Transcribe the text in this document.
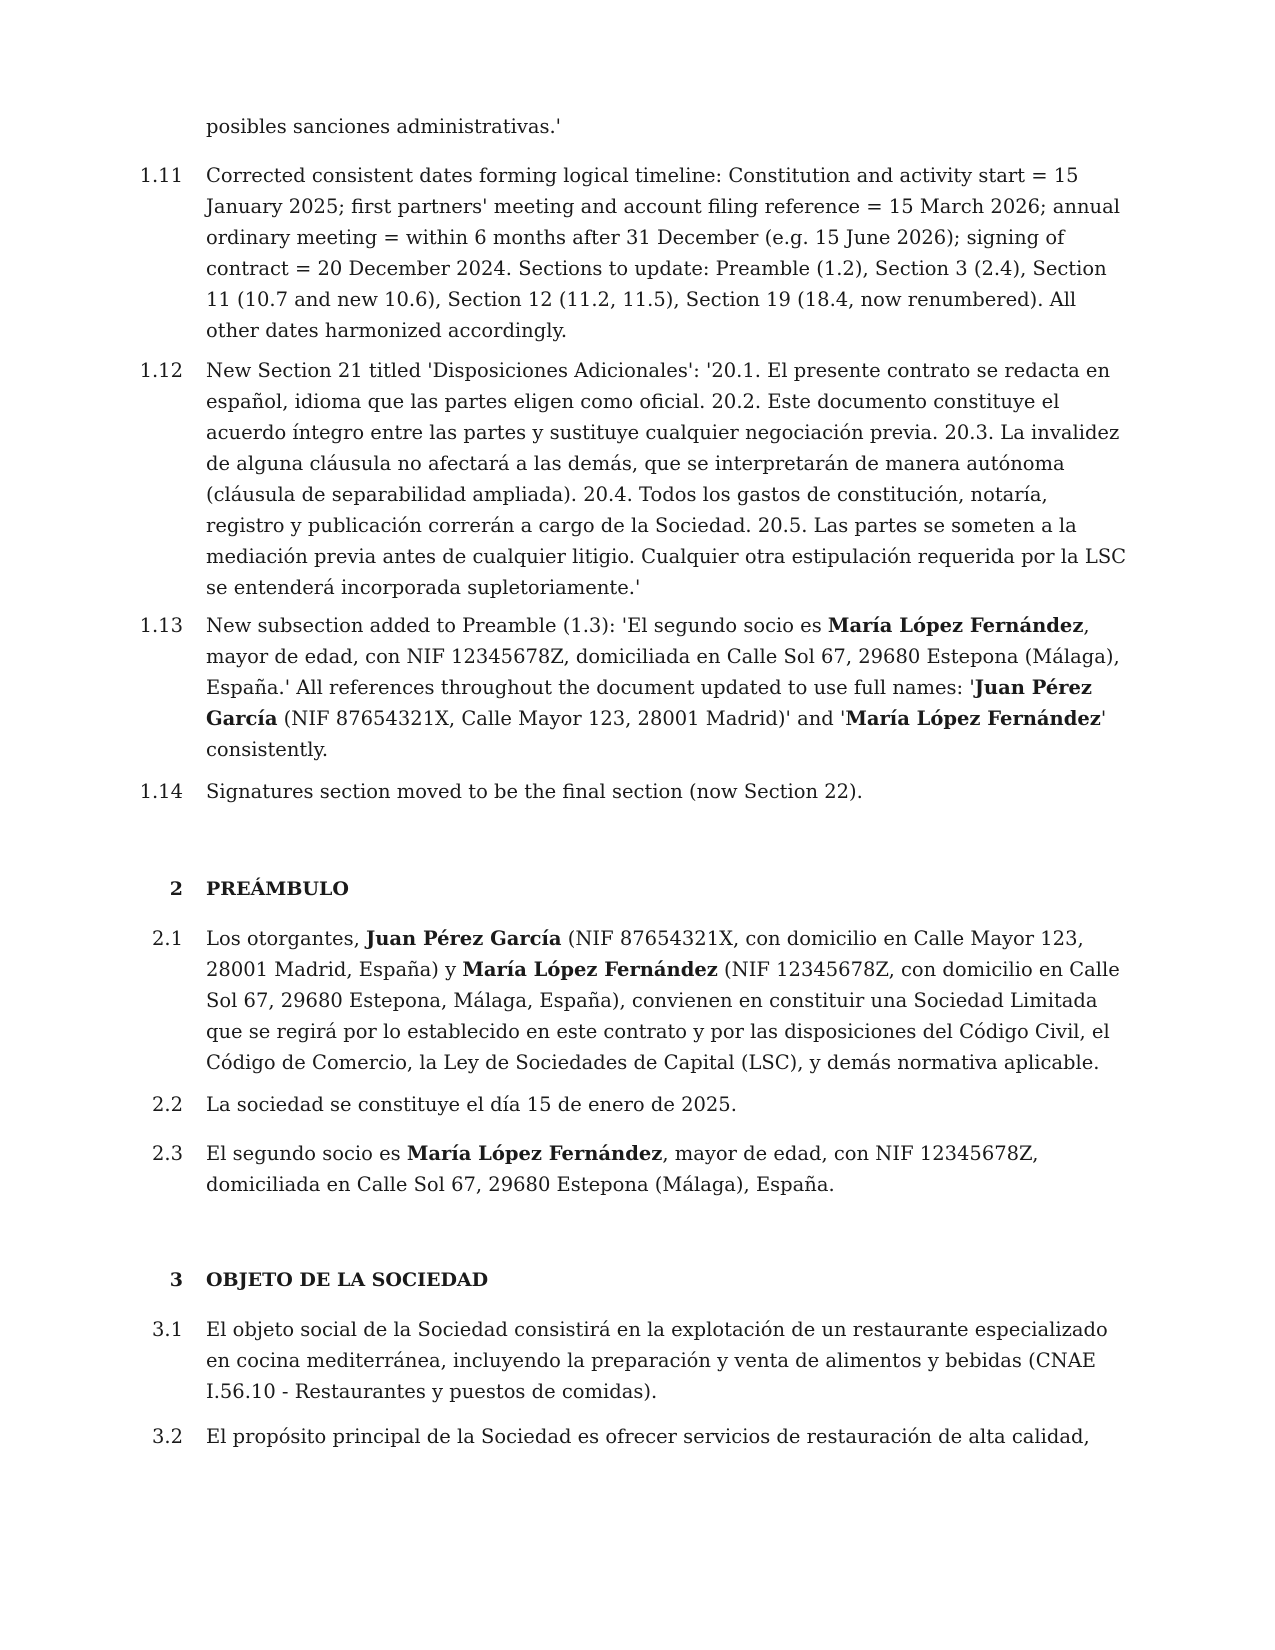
posibles sanciones administrativas.'
1.11 Corrected consistent dates forming logical timeline: Constitution and activity start = 15 January 2025; first partners' meeting and account filing reference = 15 March 2026; annual ordinary meeting = within 6 months after 31 December (e.g. 15 June 2026); signing of contract = 20 December 2024. Sections to update: Preamble (1.2), Section 3 (2.4), Section 11 (10.7 and new 10.6), Section 12 (11.2, 11.5), Section 19 (18.4, now renumbered). All other dates harmonized accordingly.
1.12 New Section 21 titled 'Disposiciones Adicionales': '20.1. El presente contrato se redacta en español, idioma que las partes eligen como oficial. 20.2. Este documento constituye el acuerdo íntegro entre las partes y sustituye cualquier negociación previa. 20.3. La invalidez de alguna cláusula no afectará a las demás, que se interpretarán de manera autónoma (cláusula de separabilidad ampliada). 20.4. Todos los gastos de constitución, notaría, registro y publicación correrán a cargo de la Sociedad. 20.5. Las partes se someten a la mediación previa antes de cualquier litigio. Cualquier otra estipulación requerida por la LSC se entenderá incorporada supletoriamente.'
1.13 New subsection added to Preamble (1.3): 'El segundo socio es María López Fernández, mayor de edad, con NIF 12345678Z, domiciliada en Calle Sol 67, 29680 Estepona (Málaga), España.' All references throughout the document updated to use full names: 'Juan Pérez García (NIF 87654321X, Calle Mayor 123, 28001 Madrid)' and 'María López Fernández' consistently.
1.14 Signatures section moved to be the final section (now Section 22).
2 PREÁMBULO
2.1 Los otorgantes, Juan Pérez García (NIF 87654321X, con domicilio en Calle Mayor 123, 28001 Madrid, España) y María López Fernández (NIF 12345678Z, con domicilio en Calle Sol 67, 29680 Estepona, Málaga, España), convienen en constituir una Sociedad Limitada que se regirá por lo establecido en este contrato y por las disposiciones del Código Civil, el Código de Comercio, la Ley de Sociedades de Capital (LSC), y demás normativa aplicable.
2.2 La sociedad se constituye el día 15 de enero de 2025.
2.3 El segundo socio es María López Fernández, mayor de edad, con NIF 12345678Z, domiciliada en Calle Sol 67, 29680 Estepona (Málaga), España.
3 OBJETO DE LA SOCIEDAD
3.1 El objeto social de la Sociedad consistirá en la explotación de un restaurante especializado en cocina mediterránea, incluyendo la preparación y venta de alimentos y bebidas (CNAE I.56.10 - Restaurantes y puestos de comidas).
3.2 El propósito principal de la Sociedad es ofrecer servicios de restauración de alta calidad,
